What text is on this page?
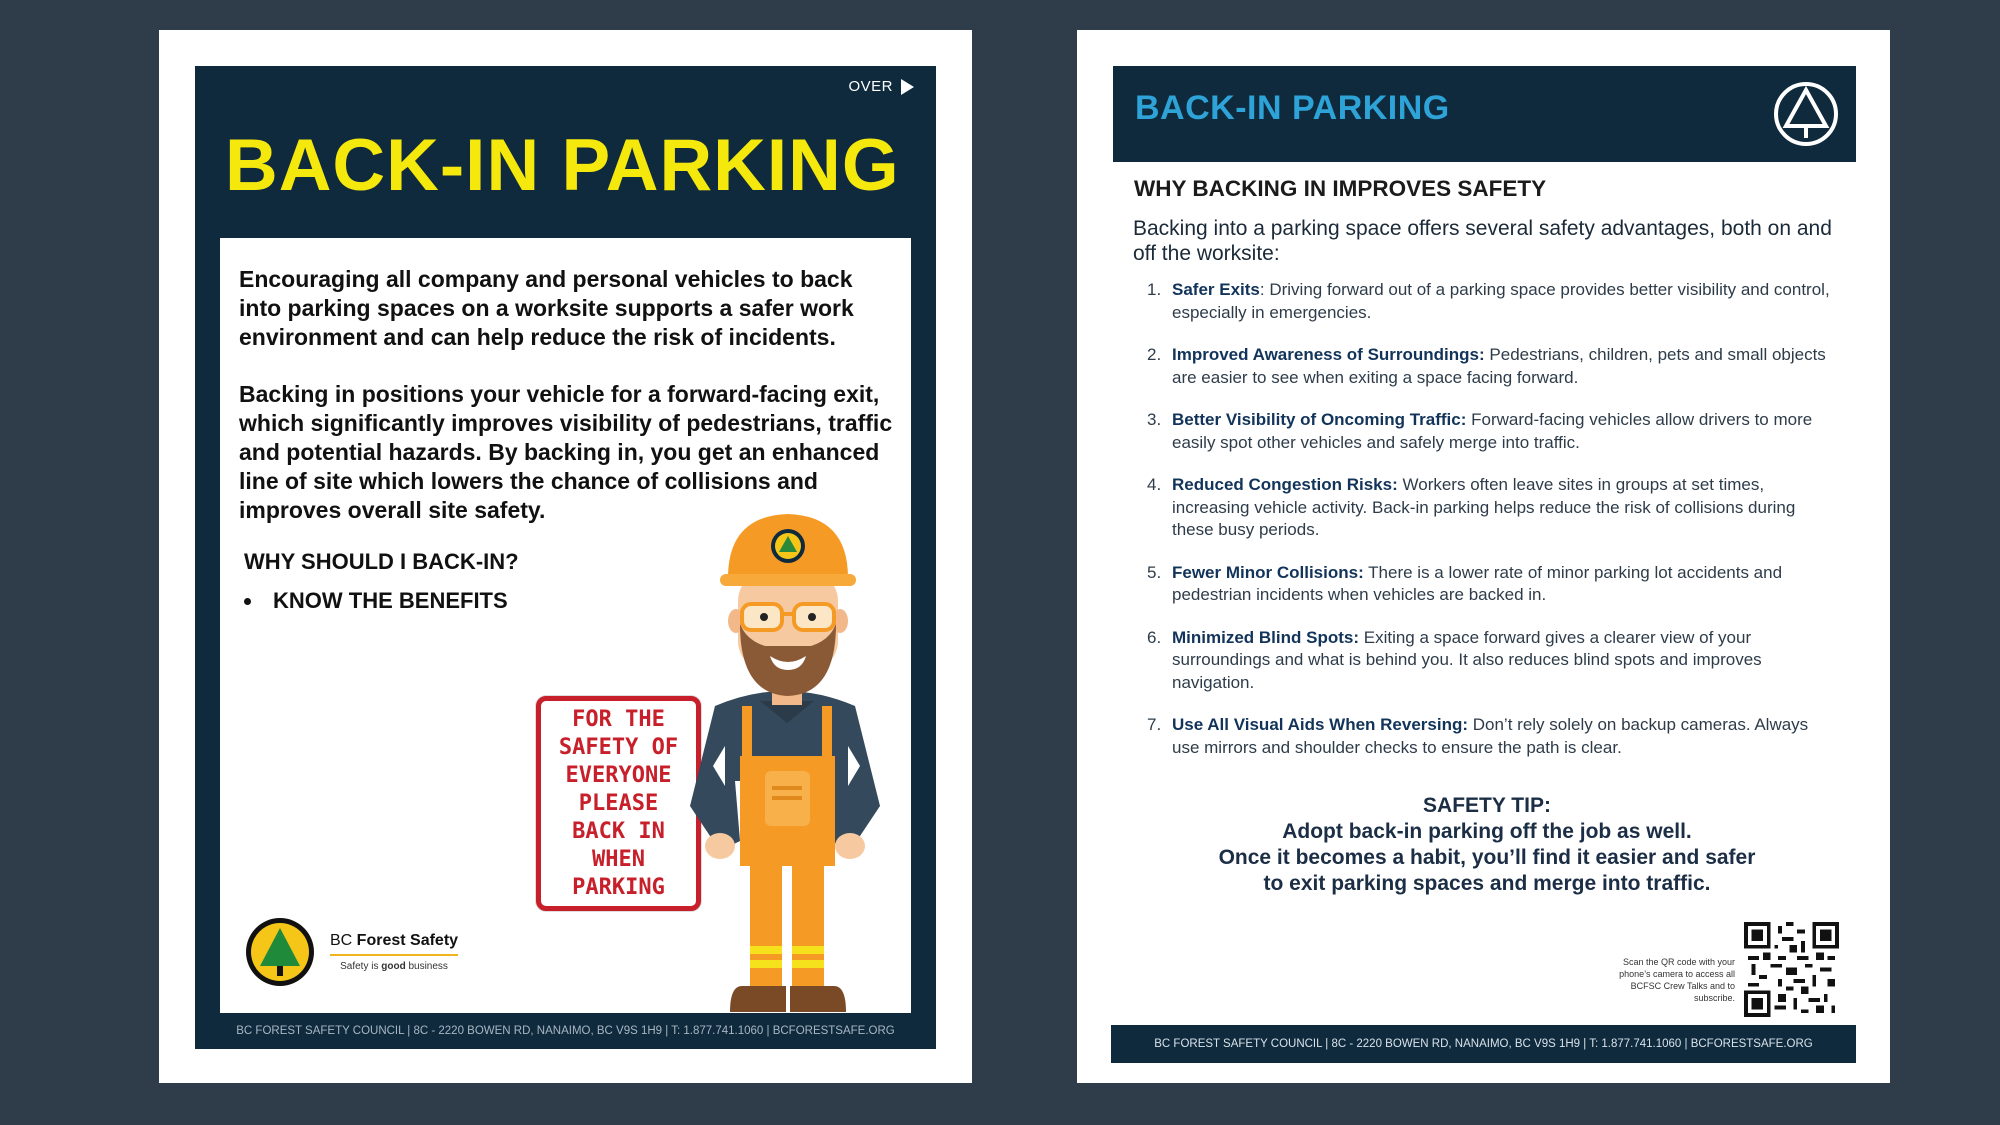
OVER
BACK-IN PARKING

Encouraging all company and personal vehicles to back into parking spaces on a worksite supports a safer work environment and can help reduce the risk of incidents.

Backing in positions your vehicle for a forward-facing exit, which significantly improves visibility of pedestrians, traffic and potential hazards. By backing in, you get an enhanced line of site which lowers the chance of collisions and improves overall site safety.

WHY SHOULD I BACK-IN?
KNOW THE BENEFITS
FOR THE
SAFETY OF
EVERYONE
PLEASE
BACK IN
WHEN
PARKING
BC Forest Safety
Safety is good business
BC FOREST SAFETY COUNCIL | 8C - 2220 BOWEN RD, NANAIMO, BC V9S 1H9 | T: 1.877.741.1060 | BCFORESTSAFE.ORG
BACK-IN PARKING
WHY BACKING IN IMPROVES SAFETY

Backing into a parking space offers several safety advantages, both on and off the worksite:

1. Safer Exits: Driving forward out of a parking space provides better visibility and control, especially in emergencies.
2. Improved Awareness of Surroundings: Pedestrians, children, pets and small objects are easier to see when exiting a space facing forward.
3. Better Visibility of Oncoming Traffic: Forward-facing vehicles allow drivers to more easily spot other vehicles and safely merge into traffic.
4. Reduced Congestion Risks: Workers often leave sites in groups at set times, increasing vehicle activity. Back-in parking helps reduce the risk of collisions during these busy periods.
5. Fewer Minor Collisions: There is a lower rate of minor parking lot accidents and pedestrian incidents when vehicles are backed in.
6. Minimized Blind Spots: Exiting a space forward gives a clearer view of your surroundings and what is behind you. It also reduces blind spots and improves navigation.
7. Use All Visual Aids When Reversing: Don’t rely solely on backup cameras. Always use mirrors and shoulder checks to ensure the path is clear.
SAFETY TIP:
Adopt back-in parking off the job as well.
Once it becomes a habit, you’ll find it easier and safer
to exit parking spaces and merge into traffic.
Scan the QR code with your phone’s camera to access all BCFSC Crew Talks and to subscribe.
BC FOREST SAFETY COUNCIL | 8C - 2220 BOWEN RD, NANAIMO, BC V9S 1H9 | T: 1.877.741.1060 | BCFORESTSAFE.ORG
